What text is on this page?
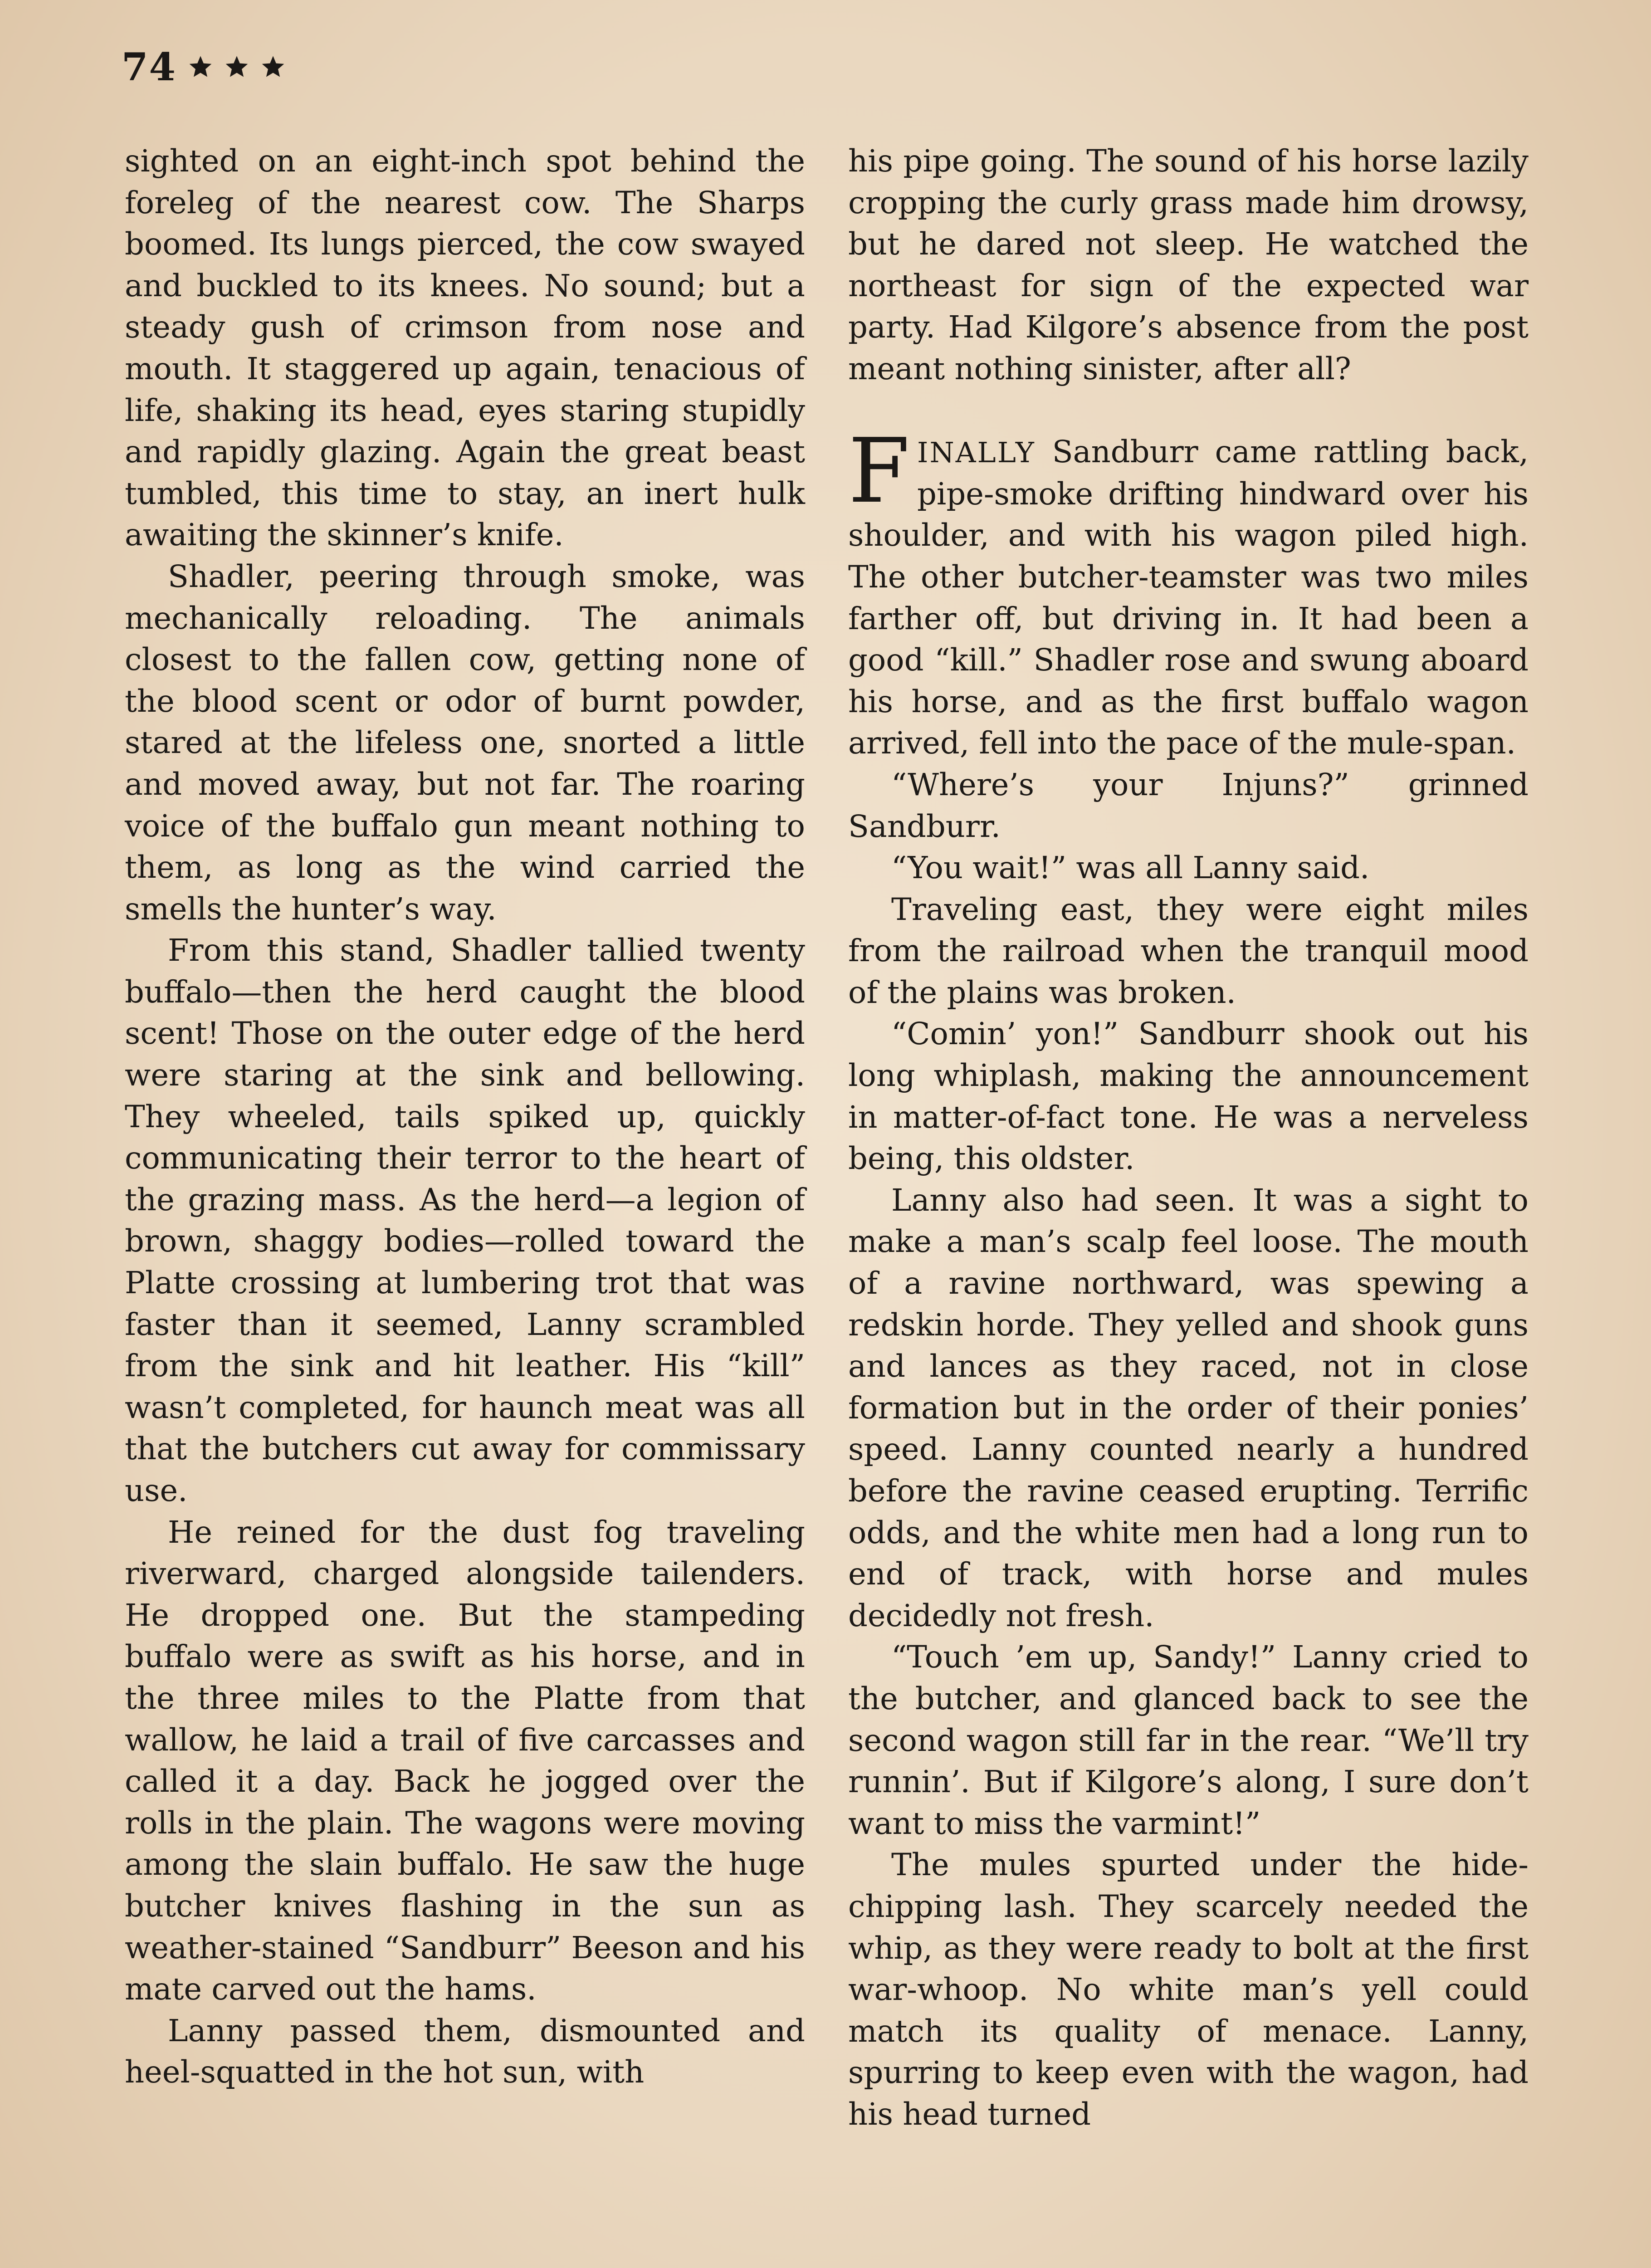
74

sighted on an eight-inch spot behind the foreleg of the nearest cow. The Sharps boomed. Its lungs pierced, the cow swayed and buckled to its knees. No sound; but a steady gush of crimson from nose and mouth. It staggered up again, tenacious of life, shaking its head, eyes staring stupidly and rapidly glazing. Again the great beast tumbled, this time to stay, an inert hulk awaiting the skinner’s knife.

Shadler, peering through smoke, was mechanically reloading. The animals closest to the fallen cow, getting none of the blood scent or odor of burnt powder, stared at the lifeless one, snorted a little and moved away, but not far. The roaring voice of the buffalo gun meant nothing to them, as long as the wind carried the smells the hunter’s way.

From this stand, Shadler tallied twenty buffalo—then the herd caught the blood scent! Those on the outer edge of the herd were staring at the sink and bellowing. They wheeled, tails spiked up, quickly communicating their terror to the heart of the grazing mass. As the herd—a legion of brown, shaggy bodies—rolled toward the Platte crossing at lumbering trot that was faster than it seemed, Lanny scrambled from the sink and hit leather. His “kill” wasn’t completed, for haunch meat was all that the butchers cut away for commissary use.

He reined for the dust fog traveling riverward, charged alongside tailenders. He dropped one. But the stampeding buffalo were as swift as his horse, and in the three miles to the Platte from that wallow, he laid a trail of five carcasses and called it a day. Back he jogged over the rolls in the plain. The wagons were moving among the slain buffalo. He saw the huge butcher knives flashing in the sun as weather-stained “Sandburr” Beeson and his mate carved out the hams.

Lanny passed them, dismounted and heel-squatted in the hot sun, with

his pipe going. The sound of his horse lazily cropping the curly grass made him drowsy, but he dared not sleep. He watched the northeast for sign of the expected war party. Had Kilgore’s absence from the post meant nothing sinister, after all?

FINALLY Sandburr came rattling back, pipe-smoke drifting hindward over his shoulder, and with his wagon piled high. The other butcher-teamster was two miles farther off, but driving in. It had been a good “kill.” Shadler rose and swung aboard his horse, and as the first buffalo wagon arrived, fell into the pace of the mule-span.

“Where’s your Injuns?” grinned Sandburr.

“You wait!” was all Lanny said.

Traveling east, they were eight miles from the railroad when the tranquil mood of the plains was broken.

“Comin’ yon!” Sandburr shook out his long whiplash, making the announcement in matter-of-fact tone. He was a nerveless being, this oldster.

Lanny also had seen. It was a sight to make a man’s scalp feel loose. The mouth of a ravine northward, was spewing a redskin horde. They yelled and shook guns and lances as they raced, not in close formation but in the order of their ponies’ speed. Lanny counted nearly a hundred before the ravine ceased erupting. Terrific odds, and the white men had a long run to end of track, with horse and mules decidedly not fresh.

“Touch ’em up, Sandy!” Lanny cried to the butcher, and glanced back to see the second wagon still far in the rear. “We’ll try runnin’. But if Kilgore’s along, I sure don’t want to miss the varmint!”

The mules spurted under the hide-chipping lash. They scarcely needed the whip, as they were ready to bolt at the first war-whoop. No white man’s yell could match its quality of menace. Lanny, spurring to keep even with the wagon, had his head turned
